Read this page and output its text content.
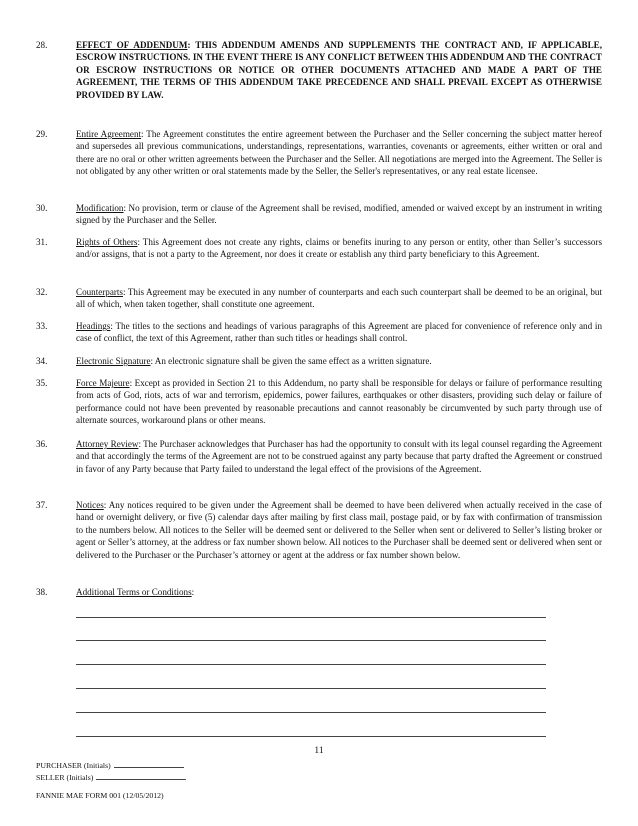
28.	EFFECT OF ADDENDUM: THIS ADDENDUM AMENDS AND SUPPLEMENTS THE CONTRACT AND, IF APPLICABLE, ESCROW INSTRUCTIONS. IN THE EVENT THERE IS ANY CONFLICT BETWEEN THIS ADDENDUM AND THE CONTRACT OR ESCROW INSTRUCTIONS OR NOTICE OR OTHER DOCUMENTS ATTACHED AND MADE A PART OF THE AGREEMENT, THE TERMS OF THIS ADDENDUM TAKE PRECEDENCE AND SHALL PREVAIL EXCEPT AS OTHERWISE PROVIDED BY LAW.
29.	Entire Agreement: The Agreement constitutes the entire agreement between the Purchaser and the Seller concerning the subject matter hereof and supersedes all previous communications, understandings, representations, warranties, covenants or agreements, either written or oral and there are no oral or other written agreements between the Purchaser and the Seller. All negotiations are merged into the Agreement. The Seller is not obligated by any other written or oral statements made by the Seller, the Seller's representatives, or any real estate licensee.
30.	Modification: No provision, term or clause of the Agreement shall be revised, modified, amended or waived except by an instrument in writing signed by the Purchaser and the Seller.
31.	Rights of Others: This Agreement does not create any rights, claims or benefits inuring to any person or entity, other than Seller’s successors and/or assigns, that is not a party to the Agreement, nor does it create or establish any third party beneficiary to this Agreement.
32.	Counterparts: This Agreement may be executed in any number of counterparts and each such counterpart shall be deemed to be an original, but all of which, when taken together, shall constitute one agreement.
33.	Headings: The titles to the sections and headings of various paragraphs of this Agreement are placed for convenience of reference only and in case of conflict, the text of this Agreement, rather than such titles or headings shall control.
34.	Electronic Signature: An electronic signature shall be given the same effect as a written signature.
35.	Force Majeure: Except as provided in Section 21 to this Addendum, no party shall be responsible for delays or failure of performance resulting from acts of God, riots, acts of war and terrorism, epidemics, power failures, earthquakes or other disasters, providing such delay or failure of performance could not have been prevented by reasonable precautions and cannot reasonably be circumvented by such party through use of alternate sources, workaround plans or other means.
36.	Attorney Review: The Purchaser acknowledges that Purchaser has had the opportunity to consult with its legal counsel regarding the Agreement and that accordingly the terms of the Agreement are not to be construed against any party because that party drafted the Agreement or construed in favor of any Party because that Party failed to understand the legal effect of the provisions of the Agreement.
37.	Notices: Any notices required to be given under the Agreement shall be deemed to have been delivered when actually received in the case of hand or overnight delivery, or five (5) calendar days after mailing by first class mail, postage paid, or by fax with confirmation of transmission to the numbers below. All notices to the Seller will be deemed sent or delivered to the Seller when sent or delivered to Seller’s listing broker or agent or Seller’s attorney, at the address or fax number shown below. All notices to the Purchaser shall be deemed sent or delivered when sent or delivered to the Purchaser or the Purchaser’s attorney or agent at the address or fax number shown below.
38.	Additional Terms or Conditions:
11
PURCHASER (Initials)
SELLER (Initials)
FANNIE MAE FORM 001 (12/05/2012)
